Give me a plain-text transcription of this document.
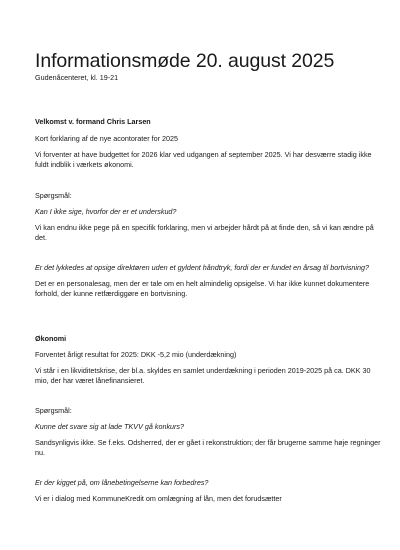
Informationsmøde 20. august 2025
Gudenåcenteret, kl. 19-21
Velkomst v. formand Chris Larsen
Kort forklaring af de nye acontorater for 2025
Vi forventer at have budgettet for 2026 klar ved udgangen af september 2025. Vi har desværre stadig ikke
fuldt indblik i værkets økonomi.
Spørgsmål:
Kan I ikke sige, hvorfor der er et underskud?
Vi kan endnu ikke pege på en specifik forklaring, men vi arbejder hårdt på at finde den, så vi kan ændre på
det.
Er det lykkedes at opsige direktøren uden et gyldent håndtryk, fordi der er fundet en årsag til bortvisning?
Det er en personalesag, men der er tale om en helt almindelig opsigelse. Vi har ikke kunnet dokumentere
forhold, der kunne retfærdiggøre en bortvisning.
Økonomi
Forventet årligt resultat for 2025: DKK -5,2 mio (underdækning)
Vi står i en likviditetskrise, der bl.a. skyldes en samlet underdækning i perioden 2019-2025 på ca. DKK 30
mio, der har været lånefinansieret.
Spørgsmål:
Kunne det svare sig at lade TKVV gå konkurs?
Sandsynligvis ikke. Se f.eks. Odsherred, der er gået i rekonstruktion; der får brugerne samme høje regninger
nu.
Er der kigget på, om lånebetingelserne kan forbedres?
Vi er i dialog med KommuneKredit om omlægning af lån, men det forudsætter
